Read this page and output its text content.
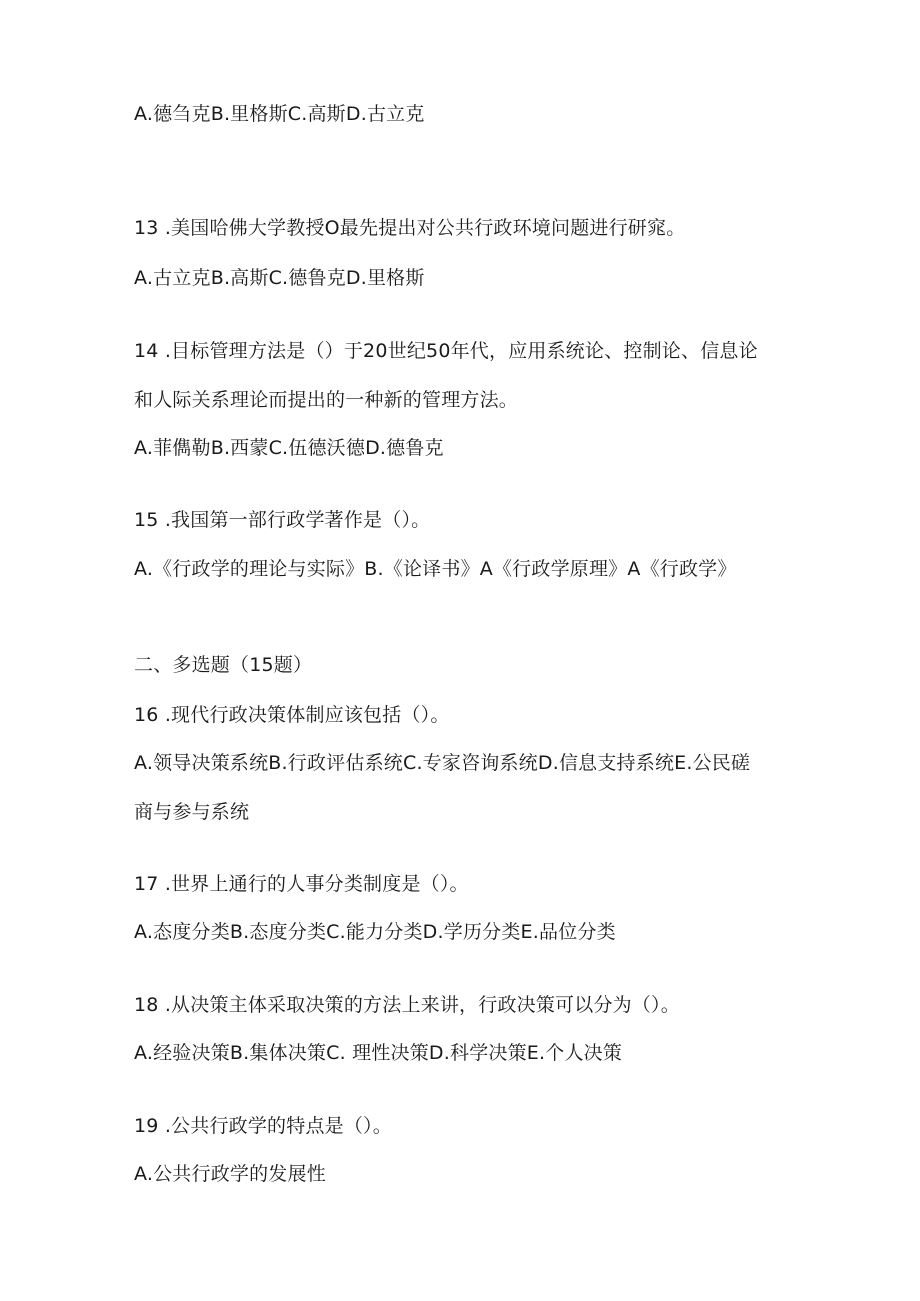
A.德刍克B.里格斯C.高斯D.古立克
13 .美国哈佛大学教授O最先提出对公共行政环境问题进行研窕。
A.古立克B.高斯C.德鲁克D.里格斯
14 .目标管理方法是（）于20世纪50年代，应用系统论、控制论、信息论
和人际关系理论而提出的一种新的管理方法。
A.菲儁勒B.西蒙C.伍德沃德D.德鲁克
15 .我国第一部行政学著作是（）。
A.《行政学的理论与实际》B.《论译书》A《行政学原理》A《行政学》
二、多选题（15题）
16 .现代行政决策体制应该包括（）。
A.领导决策系统B.行政评估系统C.专家咨询系统D.信息支持系统E.公民磋
商与参与系统
17 .世界上通行的人事分类制度是（）。
A.态度分类B.态度分类C.能力分类D.学历分类E.品位分类
18 .从决策主体采取决策的方法上来讲，行政决策可以分为（）。
A.经验决策B.集体决策C. 理性决策D.科学决策E.个人决策
19 .公共行政学的特点是（）。
A.公共行政学的发展性
